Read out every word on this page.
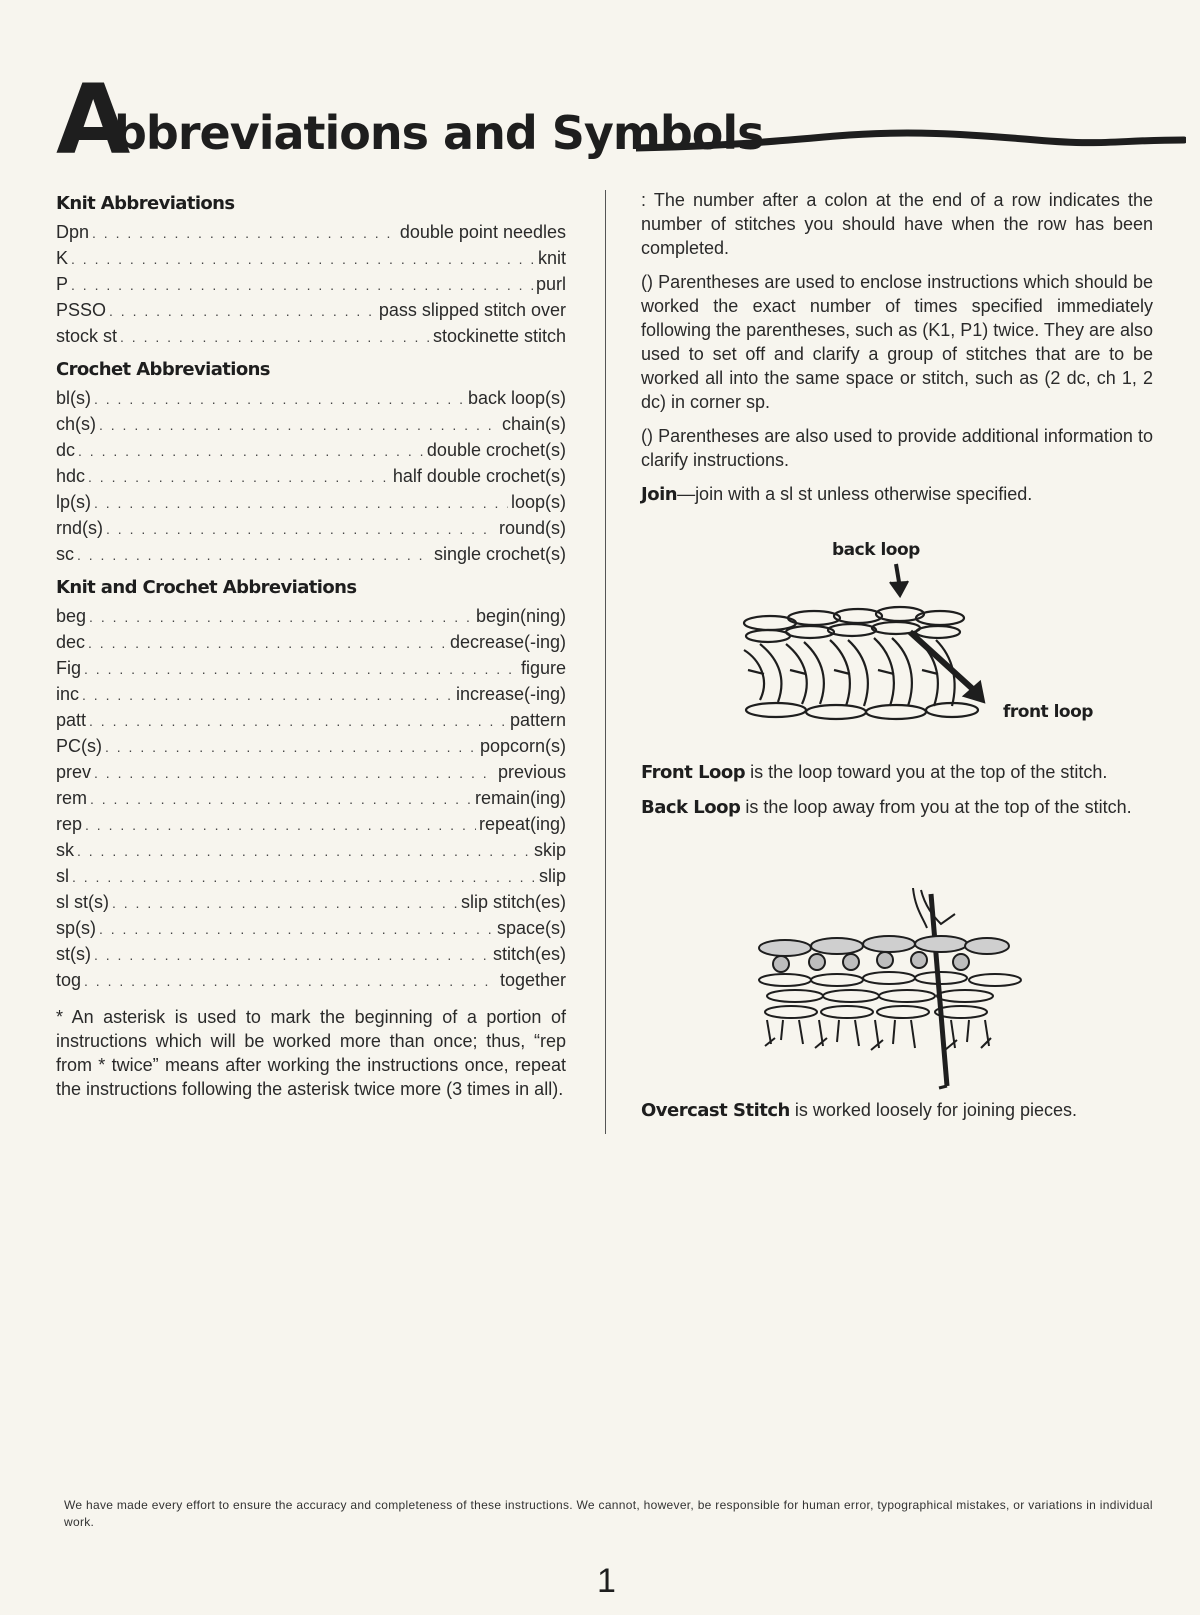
A
bbreviations and Symbols
Knit Abbreviations
Dpn . . .	double point needles
K . . .	knit
P . . .	purl
PSSO . . .	pass slipped stitch over
stock st . . .	stockinette stitch
Crochet Abbreviations
bl(s) . . .	back loop(s)
ch(s) . . .	chain(s)
dc . . .	double crochet(s)
hdc . . .	half double crochet(s)
lp(s) . . .	loop(s)
rnd(s) . . .	round(s)
sc . . .	single crochet(s)
Knit and Crochet Abbreviations
beg . . .	begin(ning)
dec . . .	decrease(-ing)
Fig . . .	figure
inc . . .	increase(-ing)
patt . . .	pattern
PC(s) . . .	popcorn(s)
prev . . .	previous
rem . . .	remain(ing)
rep . . .	repeat(ing)
sk . . .	skip
sl . . .	slip
sl st(s) . . .	slip stitch(es)
sp(s) . . .	space(s)
st(s) . . .	stitch(es)
tog . . .	together
* An asterisk is used to mark the beginning of a portion of instructions which will be worked more than once; thus, “rep from * twice” means after working the instructions once, repeat the instructions following the asterisk twice more (3 times in all).

: The number after a colon at the end of a row indicates the number of stitches you should have when the row has been completed.

() Parentheses are used to enclose instructions which should be worked the exact number of times specified immediately following the parentheses, such as (K1, P1) twice. They are also used to set off and clarify a group of stitches that are to be worked all into the same space or stitch, such as (2 dc, ch 1, 2 dc) in corner sp.

() Parentheses are also used to provide additional information to clarify instructions.

Join—join with a sl st unless otherwise specified.

back loop
front loop

Front Loop is the loop toward you at the top of the stitch.

Back Loop is the loop away from you at the top of the stitch.

Overcast Stitch is worked loosely for joining pieces.

We have made every effort to ensure the accuracy and completeness of these instructions. We cannot, however, be responsible for human error, typographical mistakes, or variations in individual work.
1
